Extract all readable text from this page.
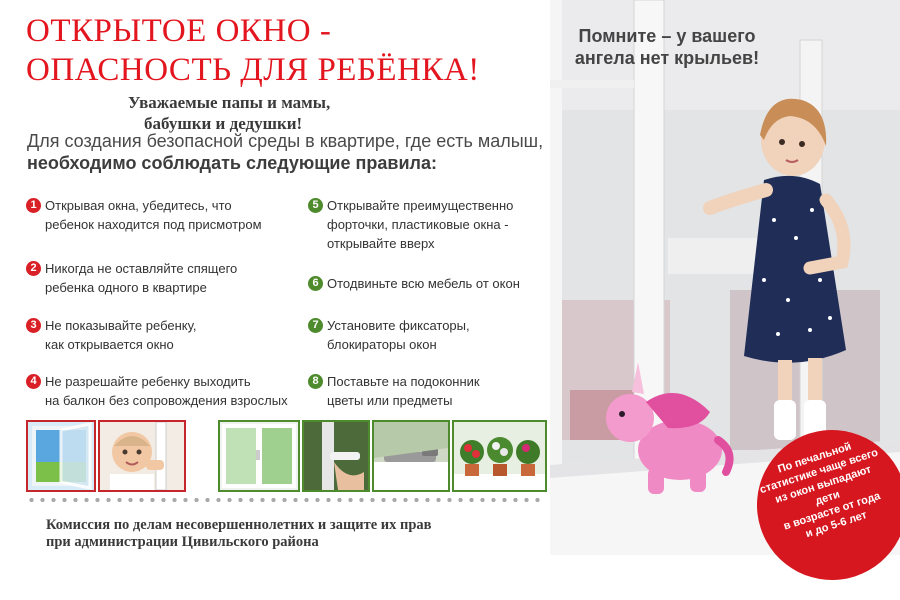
ОТКРЫТОЕ ОКНО -
ОПАСНОСТЬ ДЛЯ РЕБЁНКА!
Уважаемые папы и мамы,
бабушки и дедушки!
Для создания безопасной среды в квартире, где есть малыш,
необходимо соблюдать следующие правила:
1 Открывая окна, убедитесь, что
ребенок находится под присмотром
2 Никогда не оставляйте спящего
ребенка одного в квартире
3 Не показывайте ребенку,
как открывается окно
4 Не разрешайте ребенку выходить
на балкон без сопровождения взрослых
5 Открывайте преимущественно
форточки, пластиковые окна -
открывайте вверх
6 Отодвиньте всю мебель от окон
7 Установите фиксаторы,
блокираторы окон
8 Поставьте на подоконник
цветы или предметы
Комиссия по делам несовершеннолетних и защите их прав
при администрации Цивильского района
Помните – у вашего
ангела нет крыльев!
По печальной
статистике чаще всего
из окон выпадают дети
в возрасте от года
и до 5-6 лет
